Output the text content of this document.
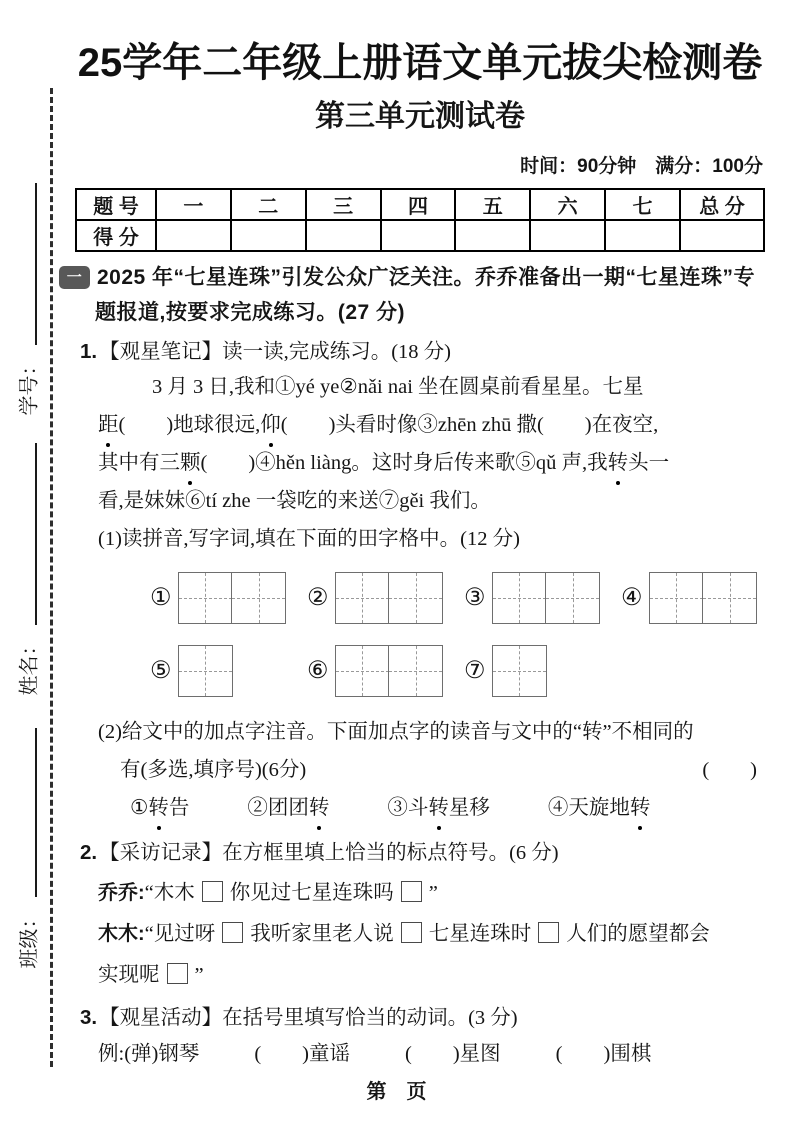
学号：
姓名：
班级：
25学年二年级上册语文单元拔尖检测卷
第三单元测试卷
时间：90分钟　满分：100分
题 号	一	二	三	四	五	六	七	总 分
得 分								
一 2025 年“七星连珠”引发公众广泛关注。乔乔准备出一期“七星连珠”专
题报道,按要求完成练习。(27 分)
1.【观星笔记】读一读,完成练习。(18 分)
3 月 3 日,我和①yé ye②nǎi nai 坐在圆桌前看星星。七星
距(　　)地球很远,仰(　　)头看时像③zhēn zhū 撒(　　)在夜空,
其中有三颗(　　)④hěn liàng。这时身后传来歌⑤qǔ 声,我转头一
看,是妹妹⑥tí zhe 一袋吃的来送⑦gěi 我们。
(1)读拼音,写字词,填在下面的田字格中。(12 分)
①	②	③	④
⑤	⑥	⑦
(2)给文中的加点字注音。下面加点字的读音与文中的“转”不相同的
有(多选,填序号)(6分)	(　　)
①转告	②团团转	③斗转星移	④天旋地转
2.【采访记录】在方框里填上恰当的标点符号。(6 分)
乔乔:“木木 你见过七星连珠吗 ”
木木:“见过呀 我听家里老人说 七星连珠时 人们的愿望都会
实现呢 ”
3.【观星活动】在括号里填写恰当的动词。(3 分)
例:(弹)钢琴	(　　)童谣	(　　)星图	(　　)围棋
第　页
